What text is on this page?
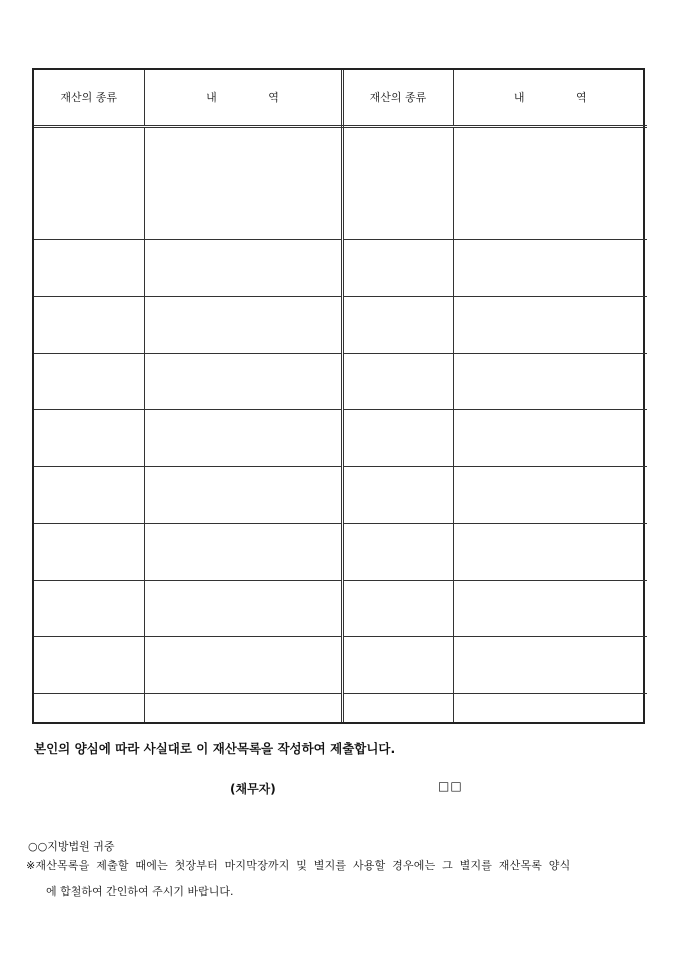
재산의 종류	내 역	재산의 종류	내 역

본인의 양심에 따라 사실대로 이 재산목록을 작성하여 제출합니다.
(채무자)	□□
○○지방법원 귀중
※재산목록을 제출할 때에는 첫장부터 마지막장까지 및 별지를 사용할 경우에는 그 별지를 재산목록 양식
에 합철하여 간인하여 주시기 바랍니다.
